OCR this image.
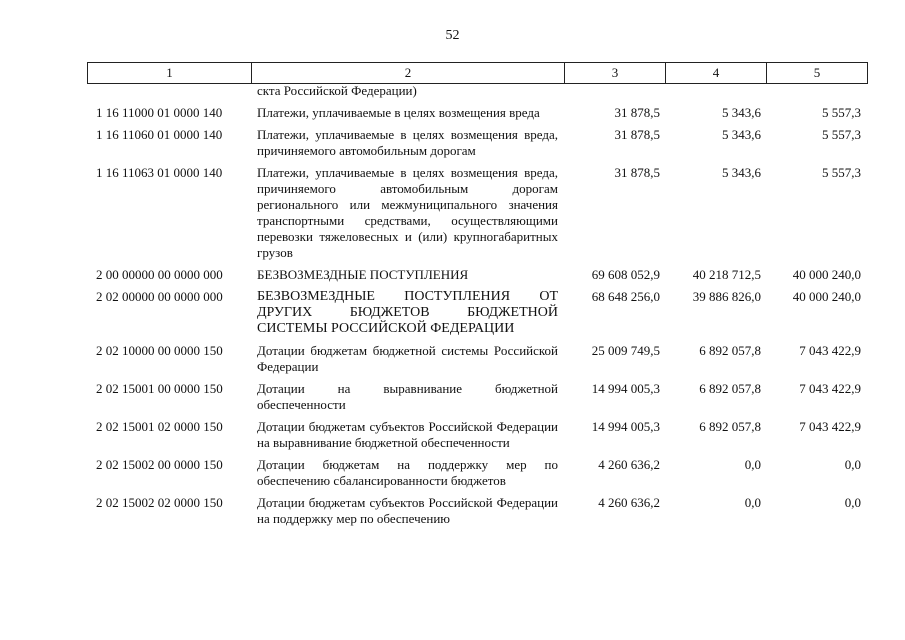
52
1	2	3	4	5
	скта Российской Федерации)			
1 16 11000 01 0000 140	Платежи, уплачиваемые в целях возмещения вреда	31 878,5	5 343,6	5 557,3
1 16 11060 01 0000 140	Платежи, уплачиваемые в целях возмещения вреда, причиняемого автомобильным дорогам	31 878,5	5 343,6	5 557,3
1 16 11063 01 0000 140	Платежи, уплачиваемые в целях возмещения вреда, причиняемого автомобильным дорогам регионального или межмуниципального значения транспортными средствами, осуществляющими перевозки тяжеловесных и (или) крупногабаритных грузов	31 878,5	5 343,6	5 557,3
2 00 00000 00 0000 000	БЕЗВОЗМЕЗДНЫЕ ПОСТУПЛЕНИЯ	69 608 052,9	40 218 712,5	40 000 240,0
2 02 00000 00 0000 000	БЕЗВОЗМЕЗДНЫЕ ПОСТУПЛЕНИЯ ОТ ДРУГИХ БЮДЖЕТОВ БЮДЖЕТНОЙ СИСТЕМЫ РОССИЙСКОЙ ФЕДЕРАЦИИ	68 648 256,0	39 886 826,0	40 000 240,0
2 02 10000 00 0000 150	Дотации бюджетам бюджетной системы Российской Федерации	25 009 749,5	6 892 057,8	7 043 422,9
2 02 15001 00 0000 150	Дотации на выравнивание бюджетной обеспеченности	14 994 005,3	6 892 057,8	7 043 422,9
2 02 15001 02 0000 150	Дотации бюджетам субъектов Российской Федерации на выравнивание бюджетной обеспеченности	14 994 005,3	6 892 057,8	7 043 422,9
2 02 15002 00 0000 150	Дотации бюджетам на поддержку мер по обеспечению сбалансированности бюджетов	4 260 636,2	0,0	0,0
2 02 15002 02 0000 150	Дотации бюджетам субъектов Российской Федерации на поддержку мер по обеспечению	4 260 636,2	0,0	0,0
